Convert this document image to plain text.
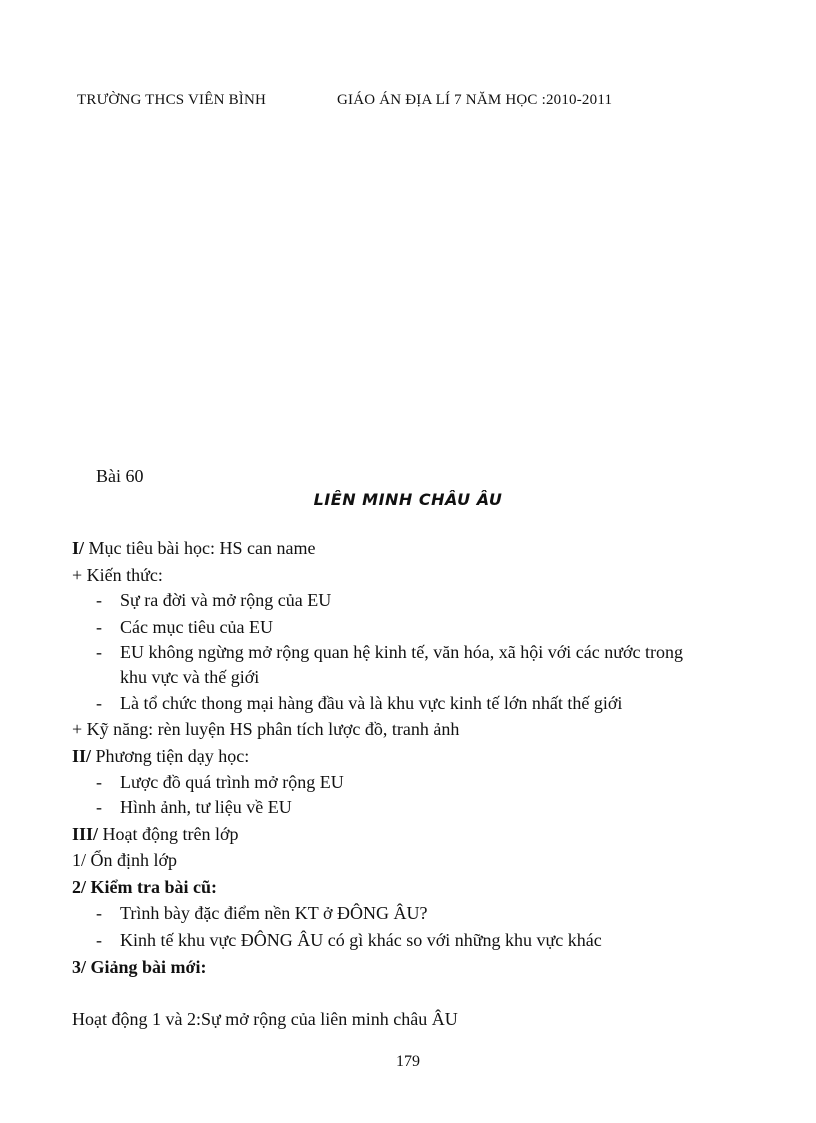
TRƯỜNG THCS VIÊN BÌNH	GIÁO ÁN ĐỊA LÍ 7 NĂM HỌC :2010-2011
Bài 60
LIÊN MINH CHÂU ÂU
I/ Mục tiêu bài học: HS can name
+ Kiến thức:
- Sự ra đời và mở rộng của EU
- Các mục tiêu của EU
- EU không ngừng mở rộng quan hệ kinh tế, văn hóa, xã hội với các nước trong
khu vực và thế giới
- Là tổ chức thong mại hàng đầu và là khu vực kinh tế lớn nhất thế giới
+ Kỹ năng: rèn luyện HS phân tích lược đồ, tranh ảnh
II/ Phương tiện dạy học:
- Lược đồ quá trình mở rộng EU
- Hình ảnh, tư liệu về EU
III/ Hoạt động trên lớp
1/ Ổn định lớp
2/ Kiểm tra bài cũ:
- Trình bày đặc điểm nền KT ở ĐÔNG ÂU?
- Kinh tế khu vực ĐÔNG ÂU có gì khác so với những khu vực khác
3/ Giảng bài mới:
Hoạt động 1 và 2:Sự mở rộng của liên minh châu ÂU
179
